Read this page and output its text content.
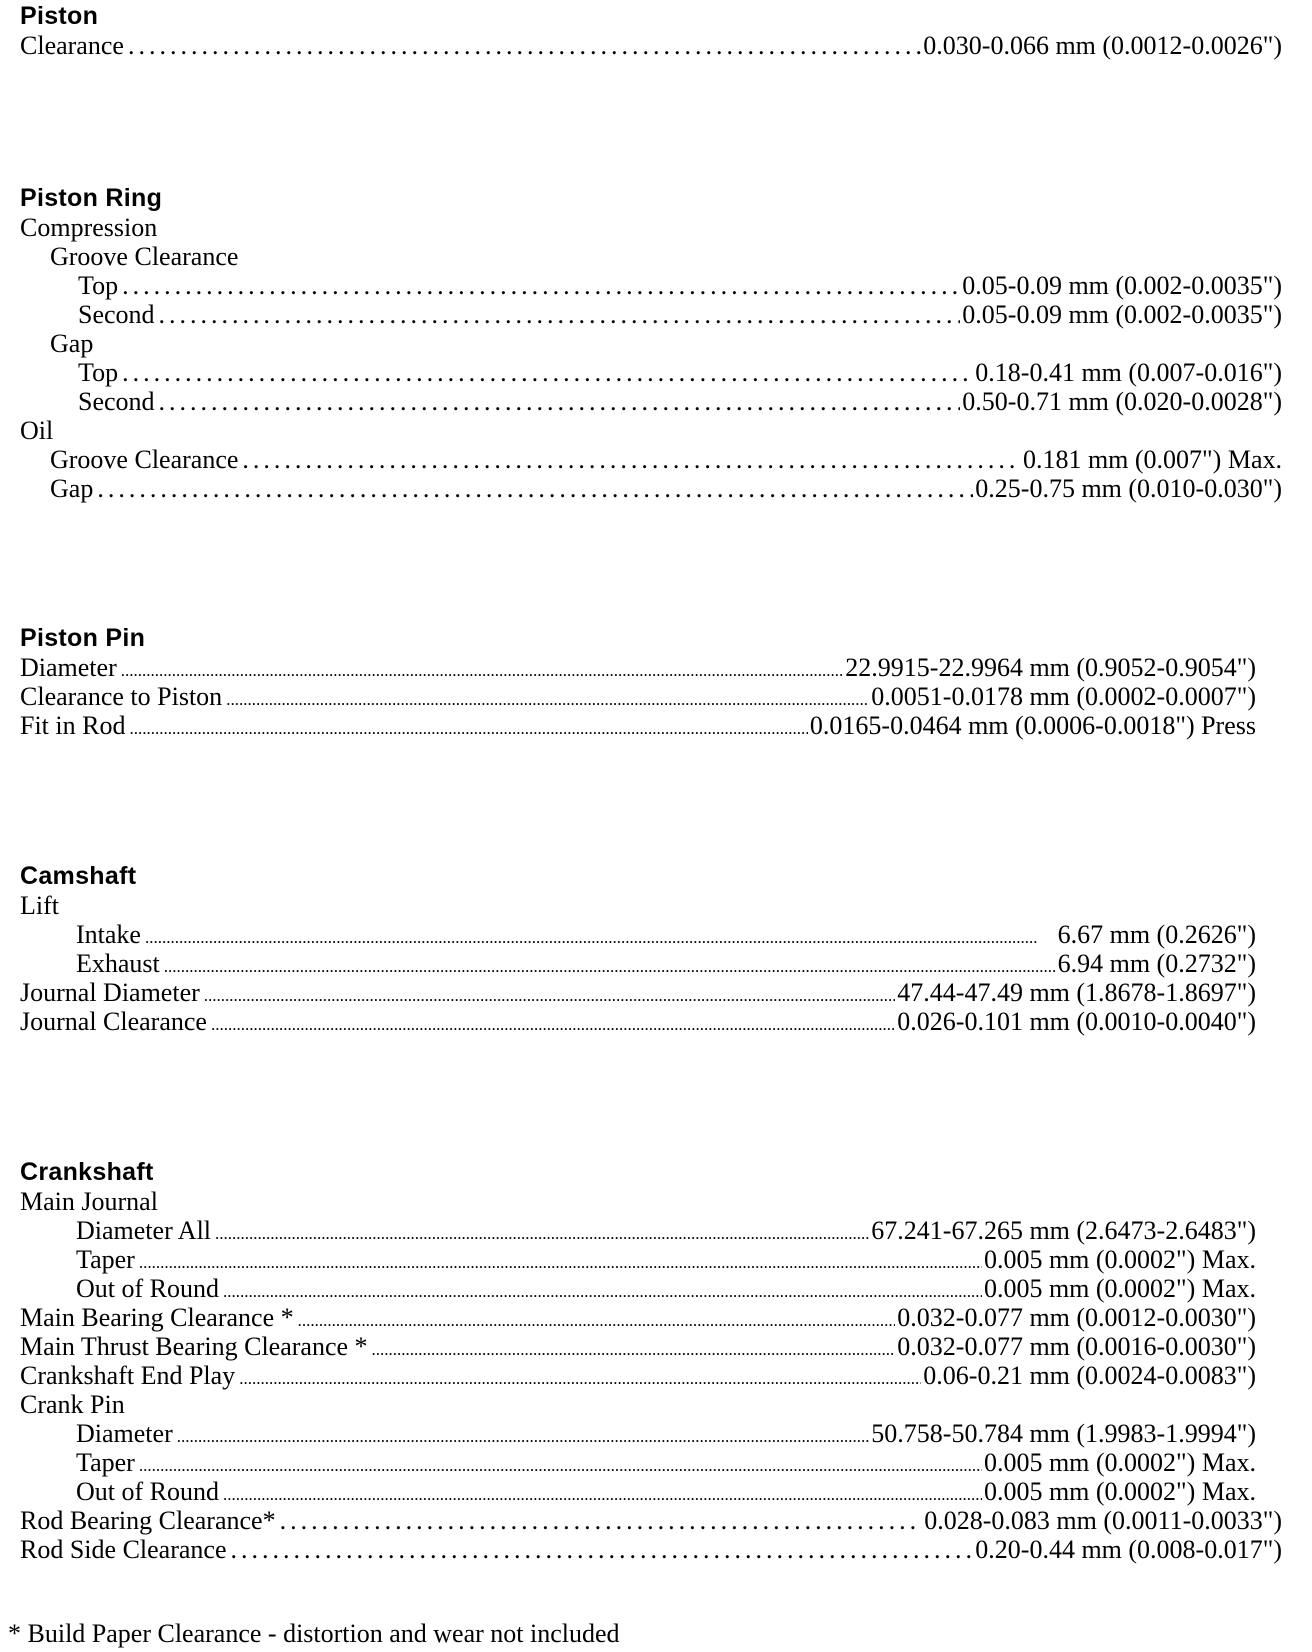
Piston
Clearance .....	0.030-0.066 mm (0.0012-0.0026")
Piston Ring
Compression
Groove Clearance
Top .....	0.05-0.09 mm (0.002-0.0035")
Second .....	0.05-0.09 mm (0.002-0.0035")
Gap
Top .....	0.18-0.41 mm (0.007-0.016")
Second .....	0.50-0.71 mm (0.020-0.0028")
Oil
Groove Clearance .....	0.181 mm (0.007") Max.
Gap .....	0.25-0.75 mm (0.010-0.030")
Piston Pin
Diameter .....	22.9915-22.9964 mm (0.9052-0.9054")
Clearance to Piston .....	0.0051-0.0178 mm (0.0002-0.0007")
Fit in Rod .....	0.0165-0.0464 mm (0.0006-0.0018") Press
Camshaft
Lift
Intake .....	6.67 mm (0.2626")
Exhaust .....	6.94 mm (0.2732")
Journal Diameter .....	47.44-47.49 mm (1.8678-1.8697")
Journal Clearance .....	0.026-0.101 mm (0.0010-0.0040")
Crankshaft
Main Journal
Diameter All .....	67.241-67.265 mm (2.6473-2.6483")
Taper .....	0.005 mm (0.0002") Max.
Out of Round .....	0.005 mm (0.0002") Max.
Main Bearing Clearance * .....	0.032-0.077 mm (0.0012-0.0030")
Main Thrust Bearing Clearance * .....	0.032-0.077 mm (0.0016-0.0030")
Crankshaft End Play .....	0.06-0.21 mm (0.0024-0.0083")
Crank Pin
Diameter .....	50.758-50.784 mm (1.9983-1.9994")
Taper .....	0.005 mm (0.0002") Max.
Out of Round .....	0.005 mm (0.0002") Max.
Rod Bearing Clearance* .....	0.028-0.083 mm (0.0011-0.0033")
Rod Side Clearance .....	0.20-0.44 mm (0.008-0.017")
* Build Paper Clearance - distortion and wear not included
